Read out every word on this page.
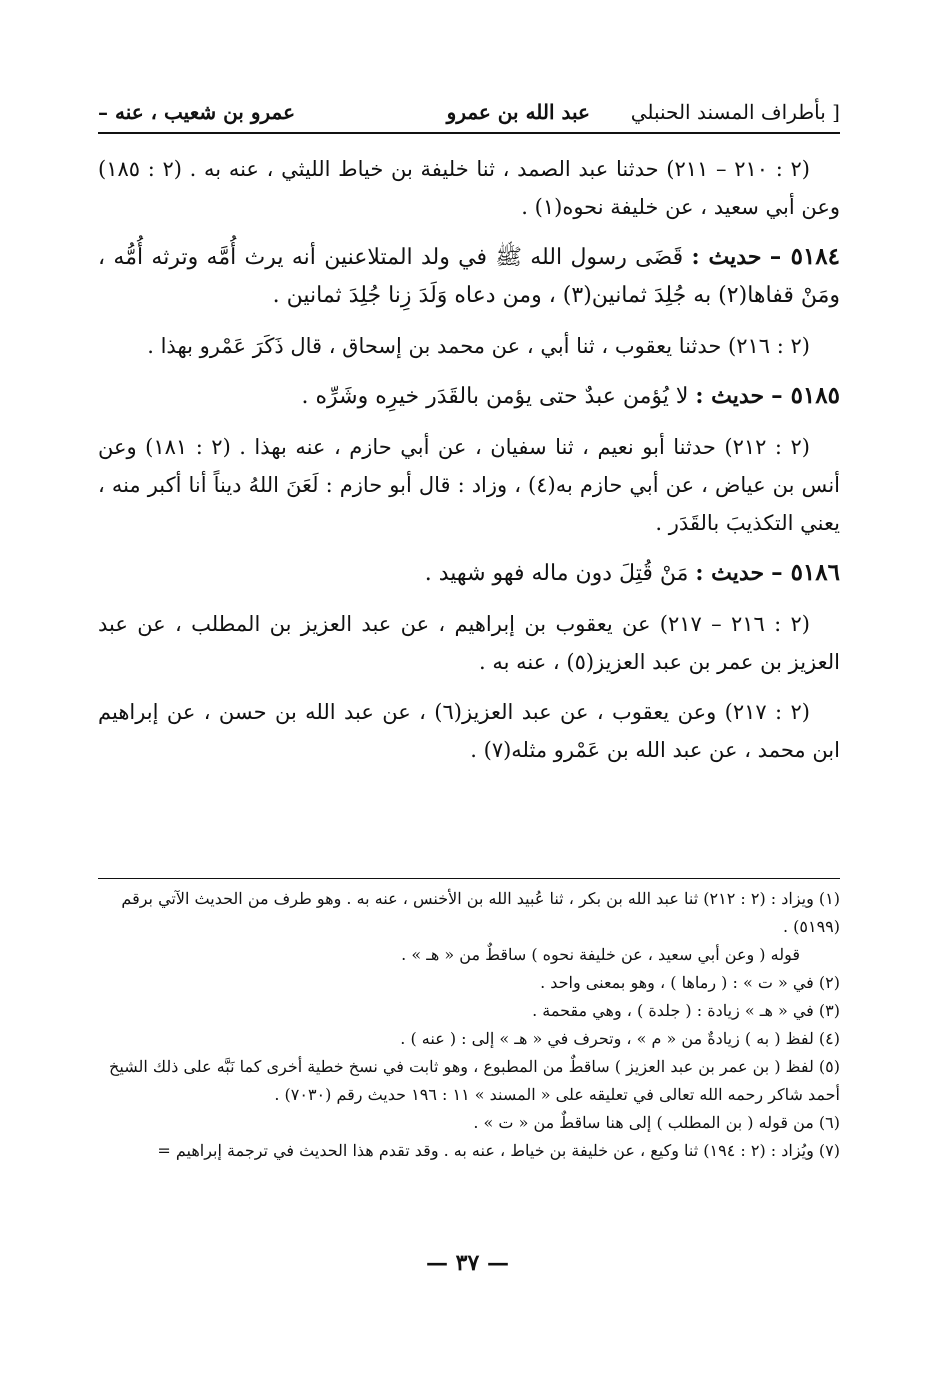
بأطراف المسند الحنبلي ]
عبد الله بن عمرو
– عمرو بن شعيب ، عنه

(٢ : ٢١٠ – ٢١١) حدثنا عبد الصمد ، ثنا خليفة بن خياط الليثي ، عنه به . (٢ : ١٨٥) وعن أبي سعيد ، عن خليفة نحوه(١) .

٥١٨٤ – حديث : قَضَى رسول الله ﷺ في ولد المتلاعنين أنه يرث أُمَّه وترثه أُمُّه ، ومَنْ قفاها(٢) به جُلِدَ ثمانين(٣) ، ومن دعاه وَلَدَ زِنا جُلِدَ ثمانين .

(٢ : ٢١٦) حدثنا يعقوب ، ثنا أبي ، عن محمد بن إسحاق ، قال ذَكَرَ عَمْرو بهذا .

٥١٨٥ – حديث : لا يُؤمن عبدٌ حتى يؤمن بالقَدَر خيرِه وشَرِّه .

(٢ : ٢١٢) حدثنا أبو نعيم ، ثنا سفيان ، عن أبي حازم ، عنه بهذا . (٢ : ١٨١) وعن أنس بن عياض ، عن أبي حازم به(٤) ، وزاد : قال أبو حازم : لَعَنَ اللهُ ديناً أنا أكبر منه ، يعني التكذيبَ بالقَدَر .

٥١٨٦ – حديث : مَنْ قُتِلَ دون ماله فهو شهيد .

(٢ : ٢١٦ – ٢١٧) عن يعقوب بن إبراهيم ، عن عبد العزيز بن المطلب ، عن عبد العزيز بن عمر بن عبد العزيز(٥) ، عنه به .

(٢ : ٢١٧) وعن يعقوب ، عن عبد العزيز(٦) ، عن عبد الله بن حسن ، عن إبراهيم ابن محمد ، عن عبد الله بن عَمْرو مثله(٧) .

(١) ويزاد : (٢ : ٢١٢) ثنا عبد الله بن بكر ، ثنا عُبيد الله بن الأخنس ، عنه به . وهو طرف من الحديث الآتي برقم (٥١٩٩) .

قوله ( وعن أبي سعيد ، عن خليفة نحوه ) ساقطٌ من « هـ » .

(٢) في « ت » : ( رماها ) ، وهو بمعنى واحد .

(٣) في « هـ » زيادة : ( جلدة ) ، وهي مقحمة .

(٤) لفظ ( به ) زيادةٌ من « م » ، وتحرف في « هـ » إلى : ( عنه ) .

(٥) لفظ ( بن عمر بن عبد العزيز ) ساقطٌ من المطبوع ، وهو ثابت في نسخ خطية أخرى كما نَبَّه على ذلك الشيخ أحمد شاكر رحمه الله تعالى في تعليقه على « المسند » ١١ : ١٩٦ حديث رقم (٧٠٣٠) .

(٦) من قوله ( بن المطلب ) إلى هنا ساقطٌ من « ت » .

(٧) ويُزاد : (٢ : ١٩٤) ثنا وكيع ، عن خليفة بن خياط ، عنه به . وقد تقدم هذا الحديث في ترجمة إبراهيم =

— ٣٧ —
